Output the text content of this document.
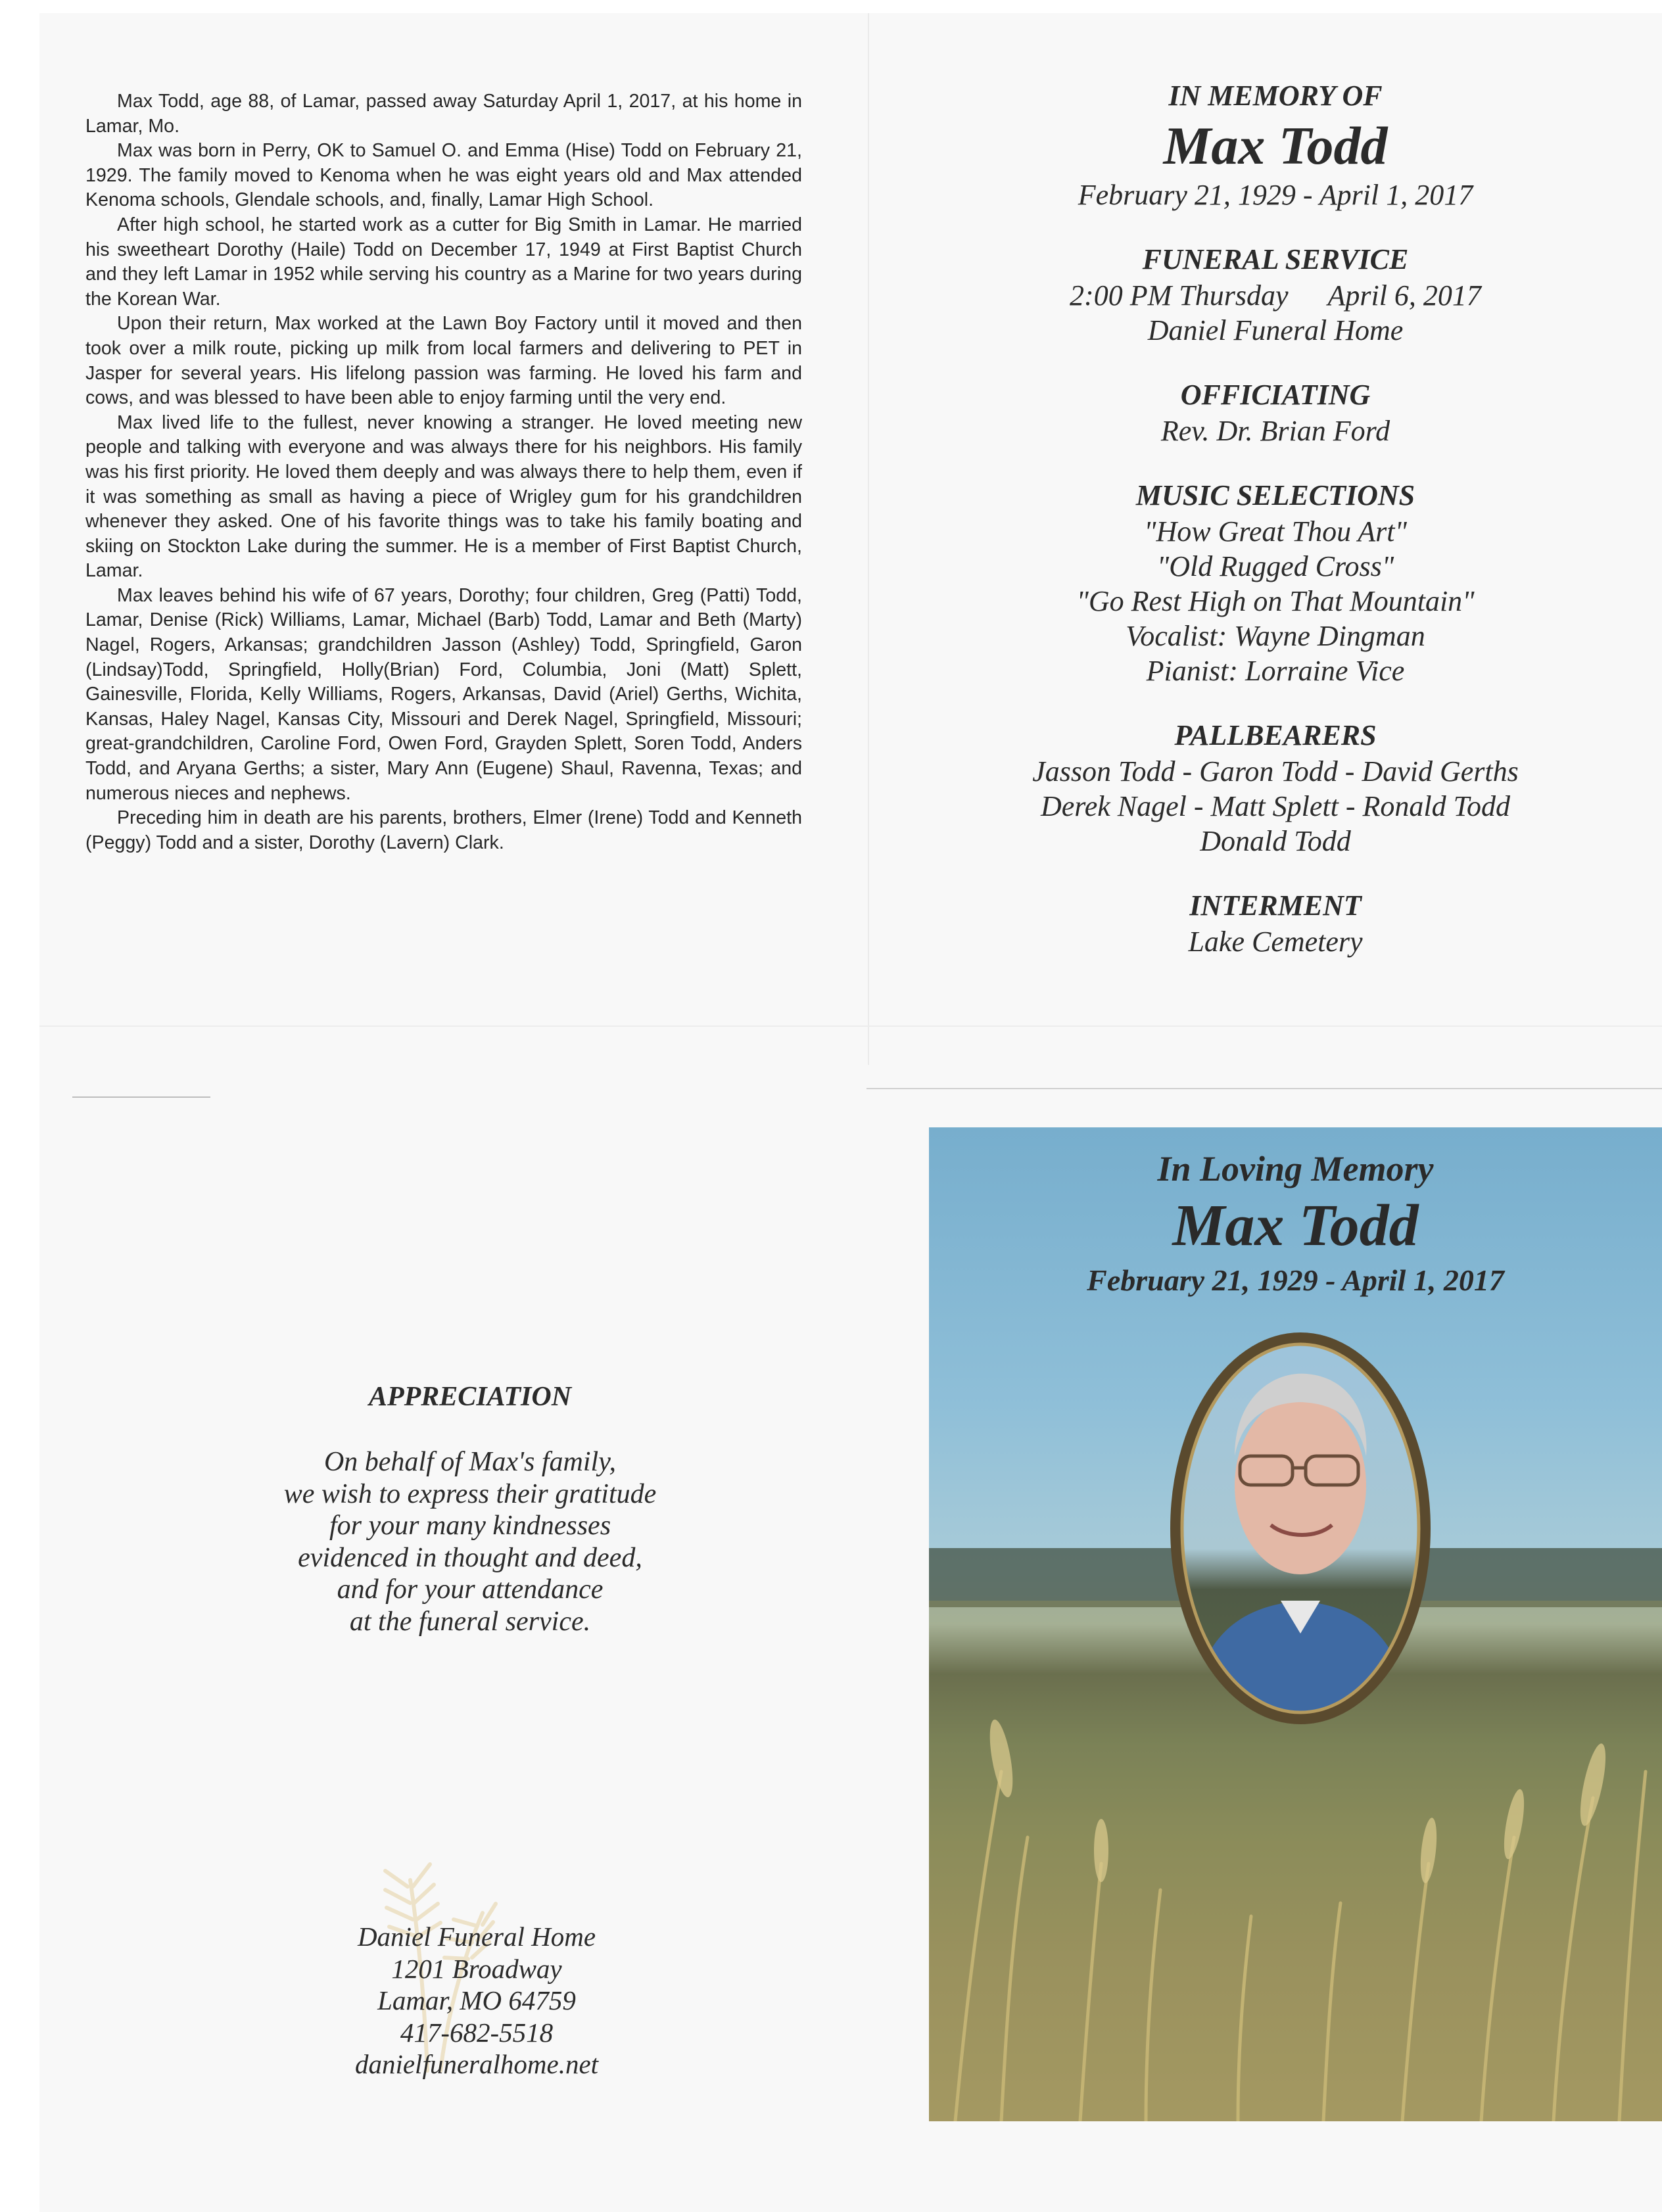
Max Todd, age 88, of Lamar, passed away Saturday April 1, 2017, at his home in Lamar, Mo.

Max was born in Perry, OK to Samuel O. and Emma (Hise) Todd on February 21, 1929. The family moved to Kenoma when he was eight years old and Max attended Kenoma schools, Glendale schools, and, finally, Lamar High School.

After high school, he started work as a cutter for Big Smith in Lamar. He married his sweetheart Dorothy (Haile) Todd on December 17, 1949 at First Baptist Church and they left Lamar in 1952 while serving his country as a Marine for two years during the Korean War.

Upon their return, Max worked at the Lawn Boy Factory until it moved and then took over a milk route, picking up milk from local farmers and delivering to PET in Jasper for several years. His lifelong passion was farming. He loved his farm and cows, and was blessed to have been able to enjoy farming until the very end.

Max lived life to the fullest, never knowing a stranger. He loved meeting new people and talking with everyone and was always there for his neighbors. His family was his first priority. He loved them deeply and was always there to help them, even if it was something as small as having a piece of Wrigley gum for his grandchildren whenever they asked. One of his favorite things was to take his family boating and skiing on Stockton Lake during the summer. He is a member of First Baptist Church, Lamar.

Max leaves behind his wife of 67 years, Dorothy; four children, Greg (Patti) Todd, Lamar, Denise (Rick) Williams, Lamar, Michael (Barb) Todd, Lamar and Beth (Marty) Nagel, Rogers, Arkansas; grandchildren Jasson (Ashley) Todd, Springfield, Garon (Lindsay)Todd, Springfield, Holly(Brian) Ford, Columbia, Joni (Matt) Splett, Gainesville, Florida, Kelly Williams, Rogers, Arkansas, David (Ariel) Gerths, Wichita, Kansas, Haley Nagel, Kansas City, Missouri and Derek Nagel, Springfield, Missouri; great-grandchildren, Caroline Ford, Owen Ford, Grayden Splett, Soren Todd, Anders Todd, and Aryana Gerths; a sister, Mary Ann (Eugene) Shaul, Ravenna, Texas; and numerous nieces and nephews.

Preceding him in death are his parents, brothers, Elmer (Irene) Todd and Kenneth (Peggy) Todd and a sister, Dorothy (Lavern) Clark.

IN MEMORY OF
Max Todd
February 21, 1929 - April 1, 2017
FUNERAL SERVICE
2:00 PM Thursday April 6, 2017
Daniel Funeral Home
OFFICIATING
Rev. Dr. Brian Ford
MUSIC SELECTIONS
"How Great Thou Art"
"Old Rugged Cross"
"Go Rest High on That Mountain"
Vocalist: Wayne Dingman
Pianist: Lorraine Vice
PALLBEARERS
Jasson Todd - Garon Todd - David Gerths
Derek Nagel - Matt Splett - Ronald Todd
Donald Todd
INTERMENT
Lake Cemetery
APPRECIATION
On behalf of Max's family,
we wish to express their gratitude
for your many kindnesses
evidenced in thought and deed,
and for your attendance
at the funeral service.
Daniel Funeral Home
1201 Broadway
Lamar, MO 64759
417-682-5518
danielfuneralhome.net
In Loving Memory
Max Todd
February 21, 1929 - April 1, 2017
